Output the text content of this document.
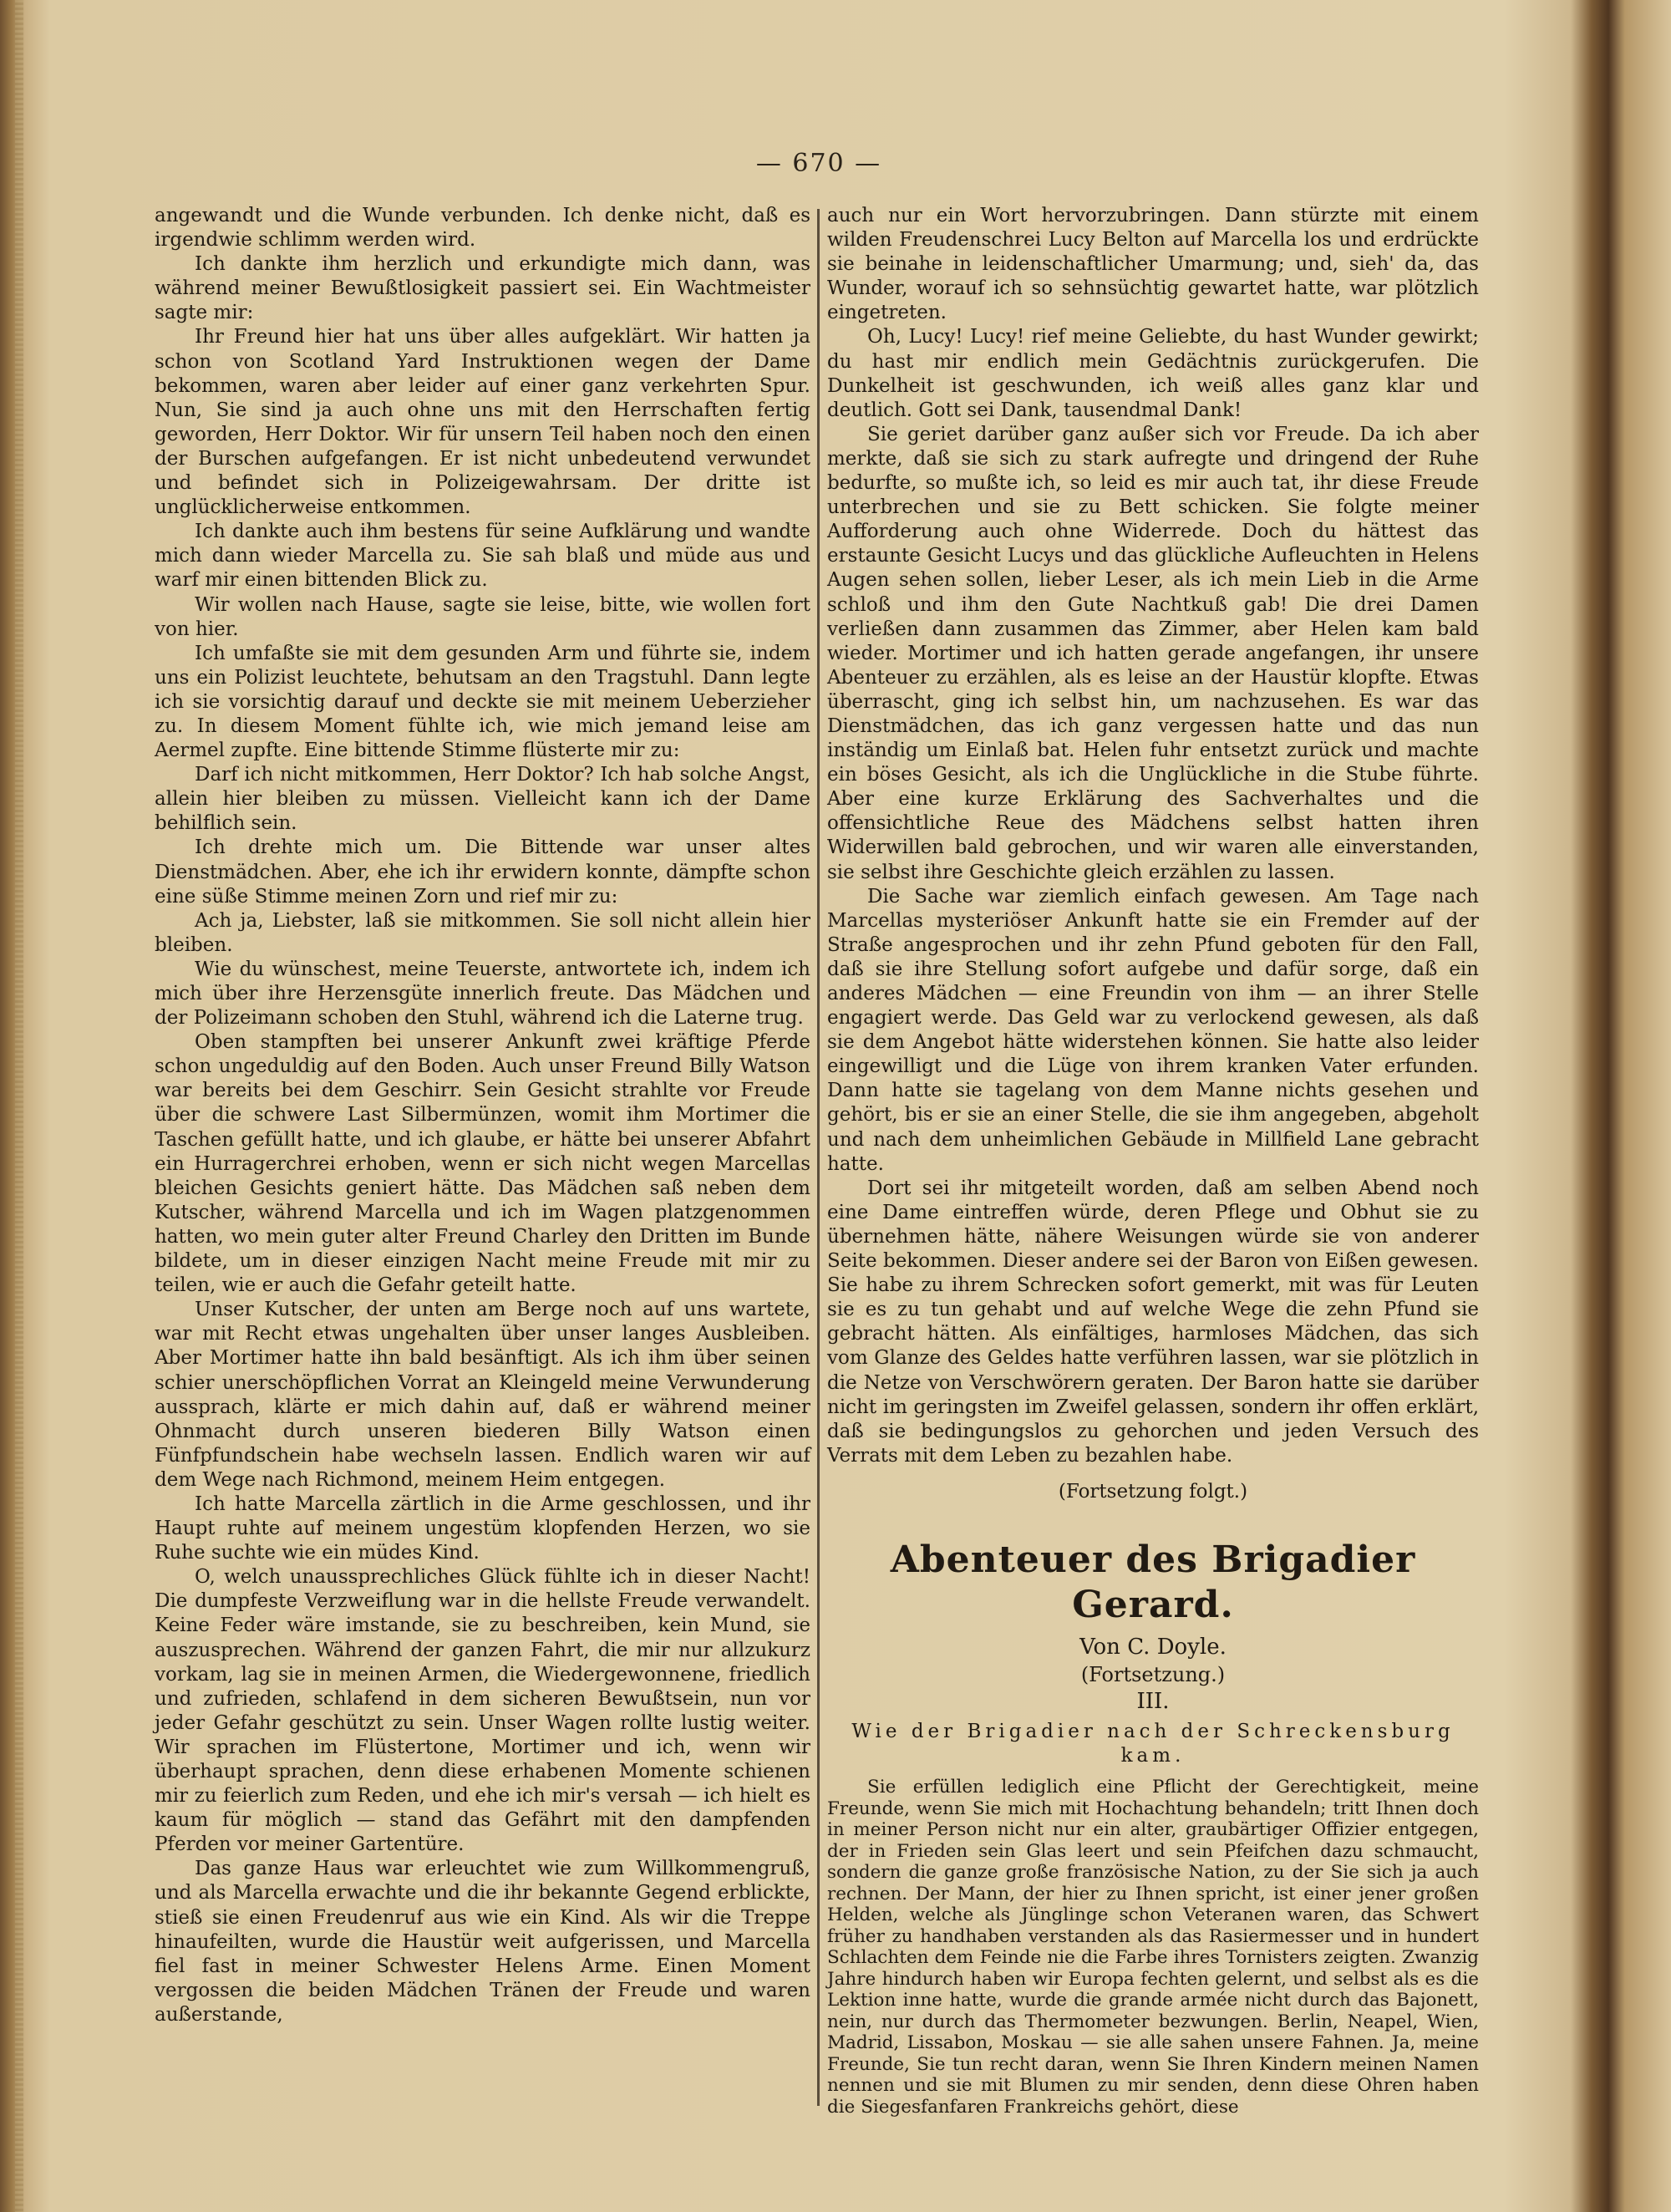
— 670 —

angewandt und die Wunde verbunden. Ich denke nicht, daß es irgendwie schlimm werden wird.

Ich dankte ihm herzlich und erkundigte mich dann, was während meiner Bewußtlosigkeit passiert sei. Ein Wachtmeister sagte mir:

Ihr Freund hier hat uns über alles aufgeklärt. Wir hatten ja schon von Scotland Yard Instruktionen wegen der Dame bekommen, waren aber leider auf einer ganz verkehrten Spur. Nun, Sie sind ja auch ohne uns mit den Herrschaften fertig geworden, Herr Doktor. Wir für unsern Teil haben noch den einen der Burschen aufgefangen. Er ist nicht unbedeutend verwundet und befindet sich in Polizeigewahrsam. Der dritte ist unglücklicherweise entkommen.

Ich dankte auch ihm bestens für seine Aufklärung und wandte mich dann wieder Marcella zu. Sie sah blaß und müde aus und warf mir einen bittenden Blick zu.

Wir wollen nach Hause, sagte sie leise, bitte, wie wollen fort von hier.

Ich umfaßte sie mit dem gesunden Arm und führte sie, indem uns ein Polizist leuchtete, behutsam an den Tragstuhl. Dann legte ich sie vorsichtig darauf und deckte sie mit meinem Ueberzieher zu. In diesem Moment fühlte ich, wie mich jemand leise am Aermel zupfte. Eine bittende Stimme flüsterte mir zu:

Darf ich nicht mitkommen, Herr Doktor? Ich hab solche Angst, allein hier bleiben zu müssen. Vielleicht kann ich der Dame behilflich sein.

Ich drehte mich um. Die Bittende war unser altes Dienstmädchen. Aber, ehe ich ihr erwidern konnte, dämpfte schon eine süße Stimme meinen Zorn und rief mir zu:

Ach ja, Liebster, laß sie mitkommen. Sie soll nicht allein hier bleiben.

Wie du wünschest, meine Teuerste, antwortete ich, indem ich mich über ihre Herzensgüte innerlich freute. Das Mädchen und der Polizeimann schoben den Stuhl, während ich die Laterne trug.

Oben stampften bei unserer Ankunft zwei kräftige Pferde schon ungeduldig auf den Boden. Auch unser Freund Billy Watson war bereits bei dem Geschirr. Sein Gesicht strahlte vor Freude über die schwere Last Silbermünzen, womit ihm Mortimer die Taschen gefüllt hatte, und ich glaube, er hätte bei unserer Abfahrt ein Hurragerchrei erhoben, wenn er sich nicht wegen Marcellas bleichen Gesichts geniert hätte. Das Mädchen saß neben dem Kutscher, während Marcella und ich im Wagen platzgenommen hatten, wo mein guter alter Freund Charley den Dritten im Bunde bildete, um in dieser einzigen Nacht meine Freude mit mir zu teilen, wie er auch die Gefahr geteilt hatte.

Unser Kutscher, der unten am Berge noch auf uns wartete, war mit Recht etwas ungehalten über unser langes Ausbleiben. Aber Mortimer hatte ihn bald besänftigt. Als ich ihm über seinen schier unerschöpflichen Vorrat an Kleingeld meine Verwunderung aussprach, klärte er mich dahin auf, daß er während meiner Ohnmacht durch unseren biederen Billy Watson einen Fünfpfundschein habe wechseln lassen. Endlich waren wir auf dem Wege nach Richmond, meinem Heim entgegen.

Ich hatte Marcella zärtlich in die Arme geschlossen, und ihr Haupt ruhte auf meinem ungestüm klopfenden Herzen, wo sie Ruhe suchte wie ein müdes Kind.

O, welch unaussprechliches Glück fühlte ich in dieser Nacht! Die dumpfeste Verzweiflung war in die hellste Freude verwandelt. Keine Feder wäre imstande, sie zu beschreiben, kein Mund, sie auszusprechen. Während der ganzen Fahrt, die mir nur allzukurz vorkam, lag sie in meinen Armen, die Wiedergewonnene, friedlich und zufrieden, schlafend in dem sicheren Bewußtsein, nun vor jeder Gefahr geschützt zu sein. Unser Wagen rollte lustig weiter. Wir sprachen im Flüstertone, Mortimer und ich, wenn wir überhaupt sprachen, denn diese erhabenen Momente schienen mir zu feierlich zum Reden, und ehe ich mir's versah — ich hielt es kaum für möglich — stand das Gefährt mit den dampfenden Pferden vor meiner Gartentüre.

Das ganze Haus war erleuchtet wie zum Willkommengruß, und als Marcella erwachte und die ihr bekannte Gegend erblickte, stieß sie einen Freudenruf aus wie ein Kind. Als wir die Treppe hinaufeilten, wurde die Haustür weit aufgerissen, und Marcella fiel fast in meiner Schwester Helens Arme. Einen Moment vergossen die beiden Mädchen Tränen der Freude und waren außerstande,

auch nur ein Wort hervorzubringen. Dann stürzte mit einem wilden Freudenschrei Lucy Belton auf Marcella los und erdrückte sie beinahe in leidenschaftlicher Umarmung; und, sieh' da, das Wunder, worauf ich so sehnsüchtig gewartet hatte, war plötzlich eingetreten.

Oh, Lucy! Lucy! rief meine Geliebte, du hast Wunder gewirkt; du hast mir endlich mein Gedächtnis zurückgerufen. Die Dunkelheit ist geschwunden, ich weiß alles ganz klar und deutlich. Gott sei Dank, tausendmal Dank!

Sie geriet darüber ganz außer sich vor Freude. Da ich aber merkte, daß sie sich zu stark aufregte und dringend der Ruhe bedurfte, so mußte ich, so leid es mir auch tat, ihr diese Freude unterbrechen und sie zu Bett schicken. Sie folgte meiner Aufforderung auch ohne Widerrede. Doch du hättest das erstaunte Gesicht Lucys und das glückliche Aufleuchten in Helens Augen sehen sollen, lieber Leser, als ich mein Lieb in die Arme schloß und ihm den Gute Nachtkuß gab! Die drei Damen verließen dann zusammen das Zimmer, aber Helen kam bald wieder. Mortimer und ich hatten gerade angefangen, ihr unsere Abenteuer zu erzählen, als es leise an der Haustür klopfte. Etwas überrascht, ging ich selbst hin, um nachzusehen. Es war das Dienstmädchen, das ich ganz vergessen hatte und das nun inständig um Einlaß bat. Helen fuhr entsetzt zurück und machte ein böses Gesicht, als ich die Unglückliche in die Stube führte. Aber eine kurze Erklärung des Sachverhaltes und die offensichtliche Reue des Mädchens selbst hatten ihren Widerwillen bald gebrochen, und wir waren alle einverstanden, sie selbst ihre Geschichte gleich erzählen zu lassen.

Die Sache war ziemlich einfach gewesen. Am Tage nach Marcellas mysteriöser Ankunft hatte sie ein Fremder auf der Straße angesprochen und ihr zehn Pfund geboten für den Fall, daß sie ihre Stellung sofort aufgebe und dafür sorge, daß ein anderes Mädchen — eine Freundin von ihm — an ihrer Stelle engagiert werde. Das Geld war zu verlockend gewesen, als daß sie dem Angebot hätte widerstehen können. Sie hatte also leider eingewilligt und die Lüge von ihrem kranken Vater erfunden. Dann hatte sie tagelang von dem Manne nichts gesehen und gehört, bis er sie an einer Stelle, die sie ihm angegeben, abgeholt und nach dem unheimlichen Gebäude in Millfield Lane gebracht hatte.

Dort sei ihr mitgeteilt worden, daß am selben Abend noch eine Dame eintreffen würde, deren Pflege und Obhut sie zu übernehmen hätte, nähere Weisungen würde sie von anderer Seite bekommen. Dieser andere sei der Baron von Eißen gewesen. Sie habe zu ihrem Schrecken sofort gemerkt, mit was für Leuten sie es zu tun gehabt und auf welche Wege die zehn Pfund sie gebracht hätten. Als einfältiges, harmloses Mädchen, das sich vom Glanze des Geldes hatte verführen lassen, war sie plötzlich in die Netze von Verschwörern geraten. Der Baron hatte sie darüber nicht im geringsten im Zweifel gelassen, sondern ihr offen erklärt, daß sie bedingungslos zu gehorchen und jeden Versuch des Verrats mit dem Leben zu bezahlen habe.

(Fortsetzung folgt.)

Abenteuer des Brigadier Gerard.

Von C. Doyle.

(Fortsetzung.)

III.

Wie der Brigadier nach der Schreckensburg kam.

Sie erfüllen lediglich eine Pflicht der Gerechtigkeit, meine Freunde, wenn Sie mich mit Hochachtung behandeln; tritt Ihnen doch in meiner Person nicht nur ein alter, graubärtiger Offizier entgegen, der in Frieden sein Glas leert und sein Pfeifchen dazu schmaucht, sondern die ganze große französische Nation, zu der Sie sich ja auch rechnen. Der Mann, der hier zu Ihnen spricht, ist einer jener großen Helden, welche als Jünglinge schon Veteranen waren, das Schwert früher zu handhaben verstanden als das Rasiermesser und in hundert Schlachten dem Feinde nie die Farbe ihres Tornisters zeigten. Zwanzig Jahre hindurch haben wir Europa fechten gelernt, und selbst als es die Lektion inne hatte, wurde die grande armée nicht durch das Bajonett, nein, nur durch das Thermometer bezwungen. Berlin, Neapel, Wien, Madrid, Lissabon, Moskau — sie alle sahen unsere Fahnen. Ja, meine Freunde, Sie tun recht daran, wenn Sie Ihren Kindern meinen Namen nennen und sie mit Blumen zu mir senden, denn diese Ohren haben die Siegesfanfaren Frankreichs gehört, diese
